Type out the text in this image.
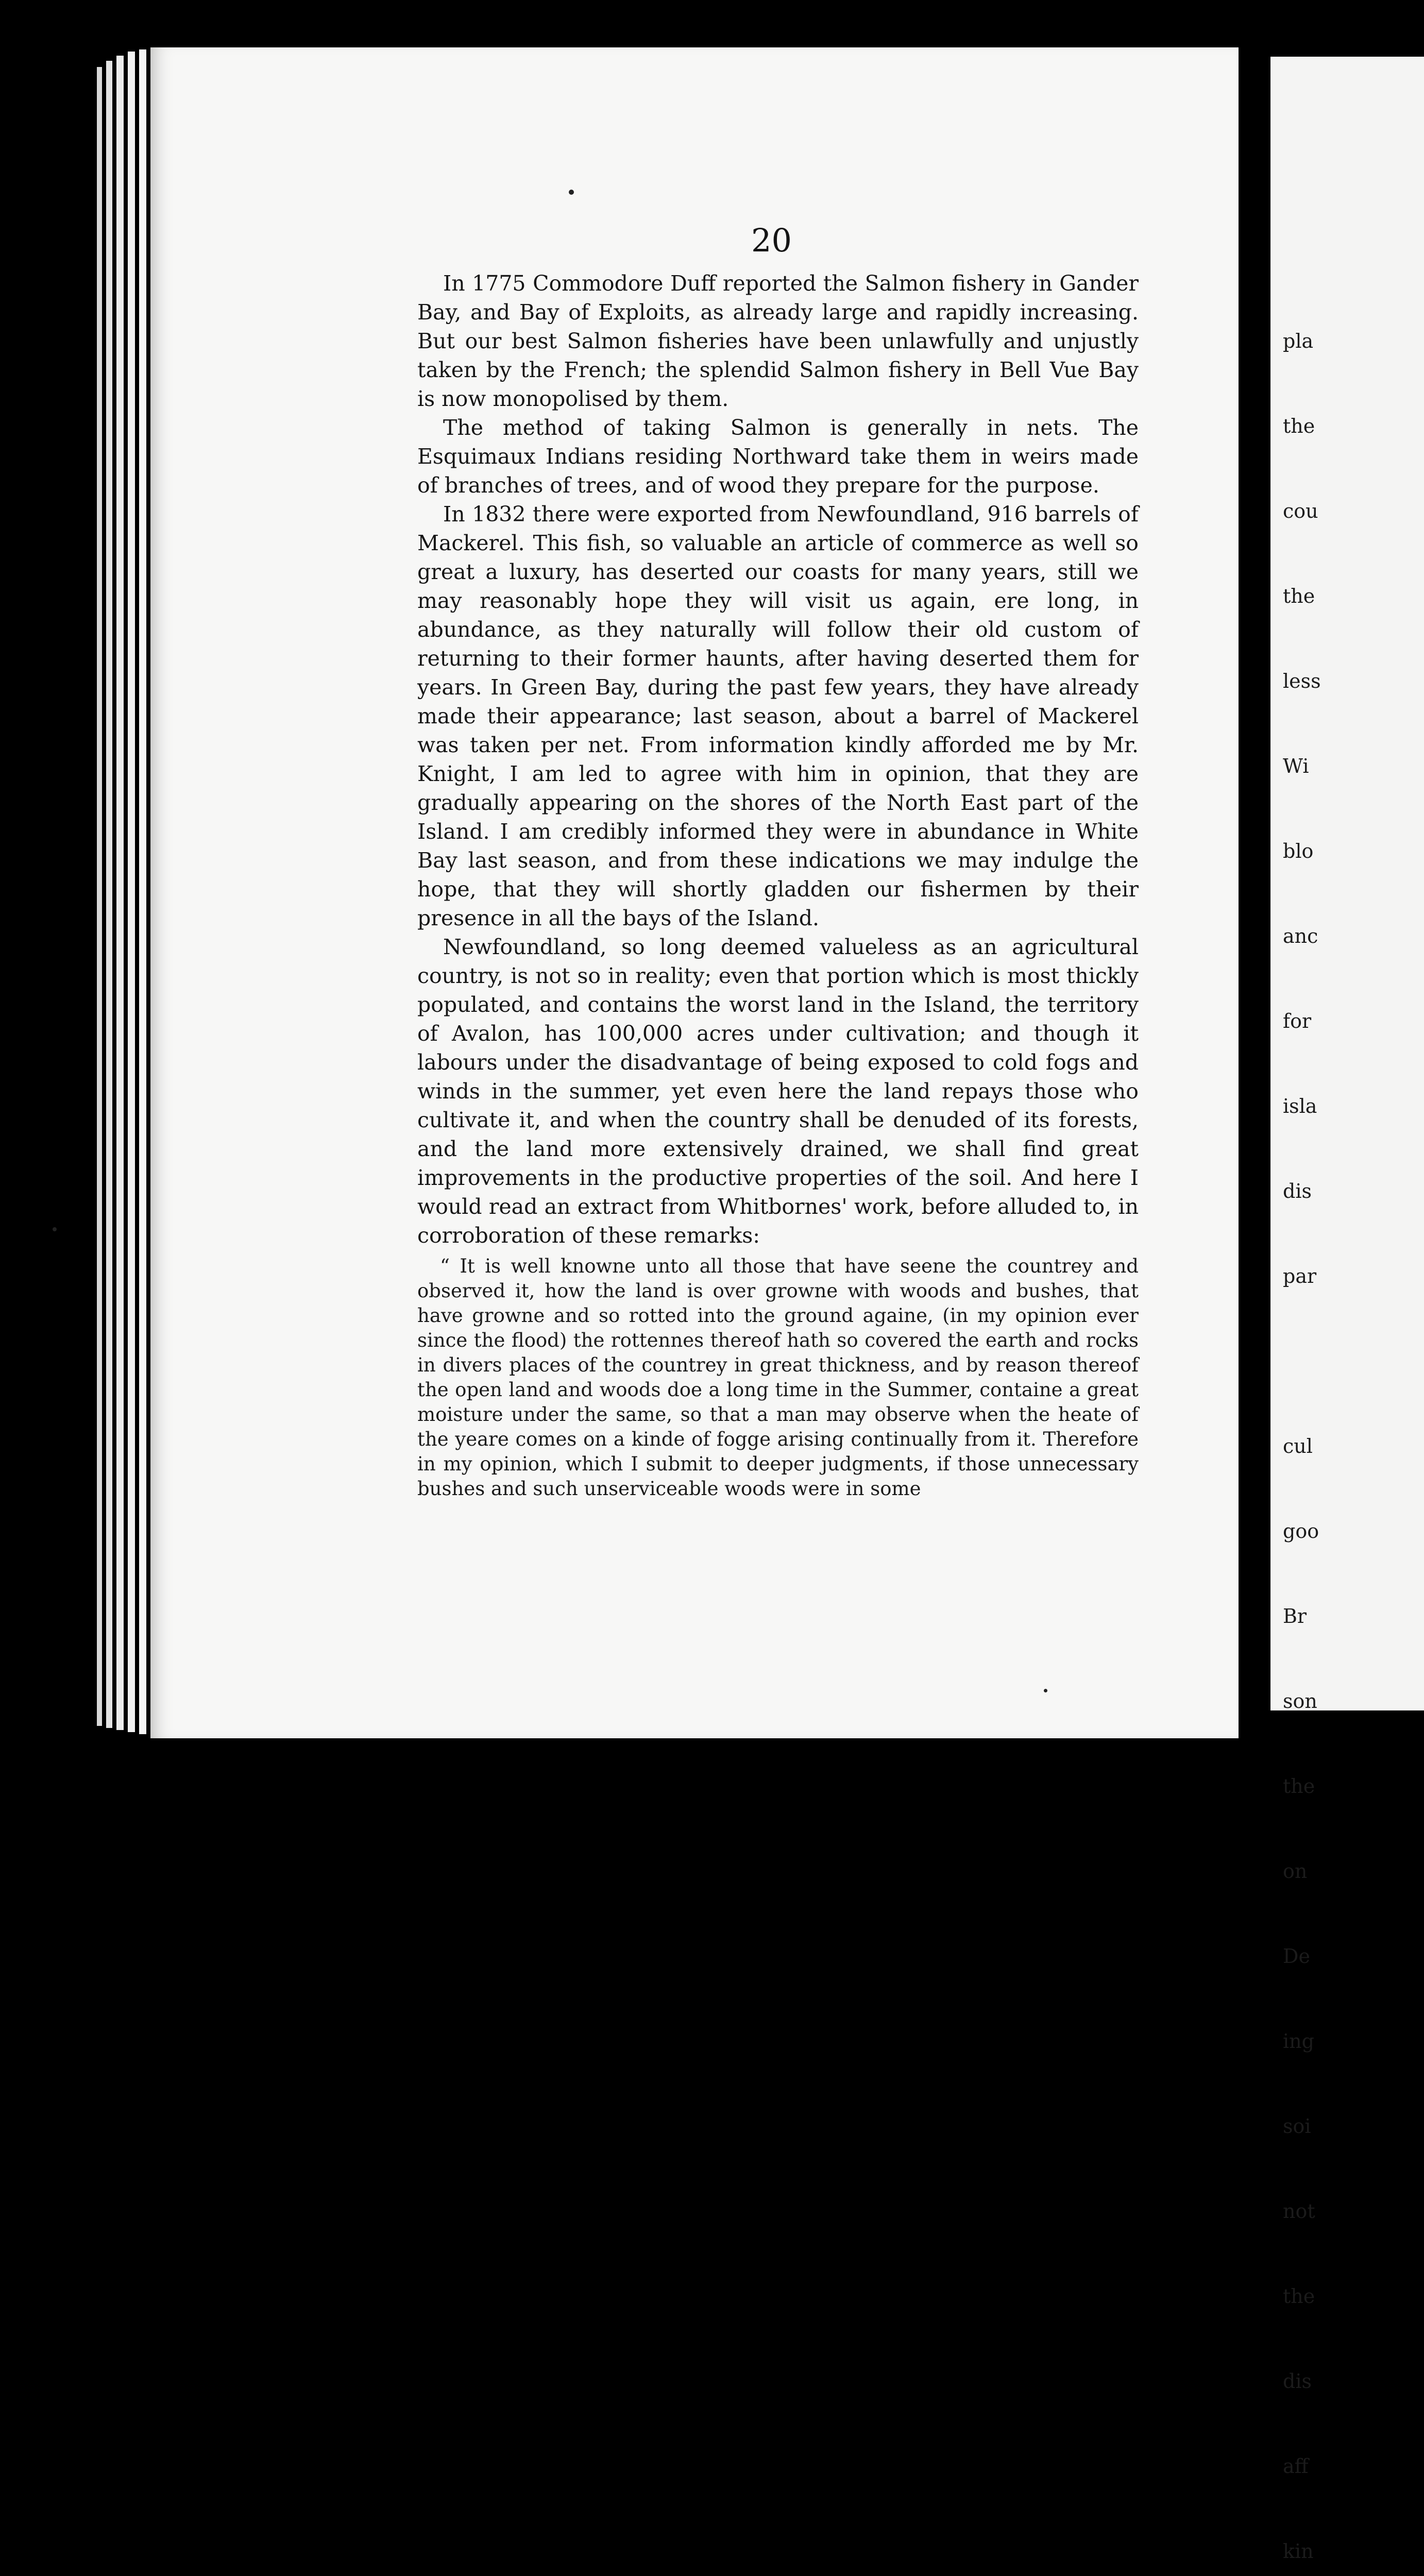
20

In 1775 Commodore Duff reported the Salmon fishery in Gander Bay, and Bay of Exploits, as already large and rapidly increasing. But our best Salmon fisheries have been unlawfully and unjustly taken by the French; the splendid Salmon fishery in Bell Vue Bay is now monopolised by them.

The method of taking Salmon is generally in nets. The Esquimaux Indians residing Northward take them in weirs made of branches of trees, and of wood they prepare for the purpose.

In 1832 there were exported from Newfoundland, 916 barrels of Mackerel. This fish, so valuable an article of commerce as well so great a luxury, has deserted our coasts for many years, still we may reasonably hope they will visit us again, ere long, in abundance, as they naturally will follow their old custom of returning to their former haunts, after having deserted them for years. In Green Bay, during the past few years, they have already made their appearance; last season, about a barrel of Mackerel was taken per net. From information kindly afforded me by Mr. Knight, I am led to agree with him in opinion, that they are gradually appearing on the shores of the North East part of the Island. I am credibly informed they were in abundance in White Bay last season, and from these indications we may indulge the hope, that they will shortly gladden our fishermen by their presence in all the bays of the Island.

Newfoundland, so long deemed valueless as an agricultural country, is not so in reality; even that portion which is most thickly populated, and contains the worst land in the Island, the territory of Avalon, has 100,000 acres under cultivation; and though it labours under the disadvantage of being exposed to cold fogs and winds in the summer, yet even here the land repays those who cultivate it, and when the country shall be denuded of its forests, and the land more extensively drained, we shall find great improvements in the productive properties of the soil. And here I would read an extract from Whitbornes' work, before alluded to, in corroboration of these remarks:

“ It is well knowne unto all those that have seene the countrey and observed it, how the land is over growne with woods and bushes, that have growne and so rotted into the ground againe, (in my opinion ever since the flood) the rottennes thereof hath so covered the earth and rocks in divers places of the countrey in great thickness, and by reason thereof the open land and woods doe a long time in the Summer, containe a great moisture under the same, so that a man may observe when the heate of the yeare comes on a kinde of fogge arising continually from it. Therefore in my opinion, which I submit to deeper judgments, if those unnecessary bushes and such unserviceable woods were in some

pla

the

cou

the

less

Wi

blo

anc

for

isla

dis

par

cul

goo

Br

son

the

on

De

ing

soi

not

the

dis

aff

kin
